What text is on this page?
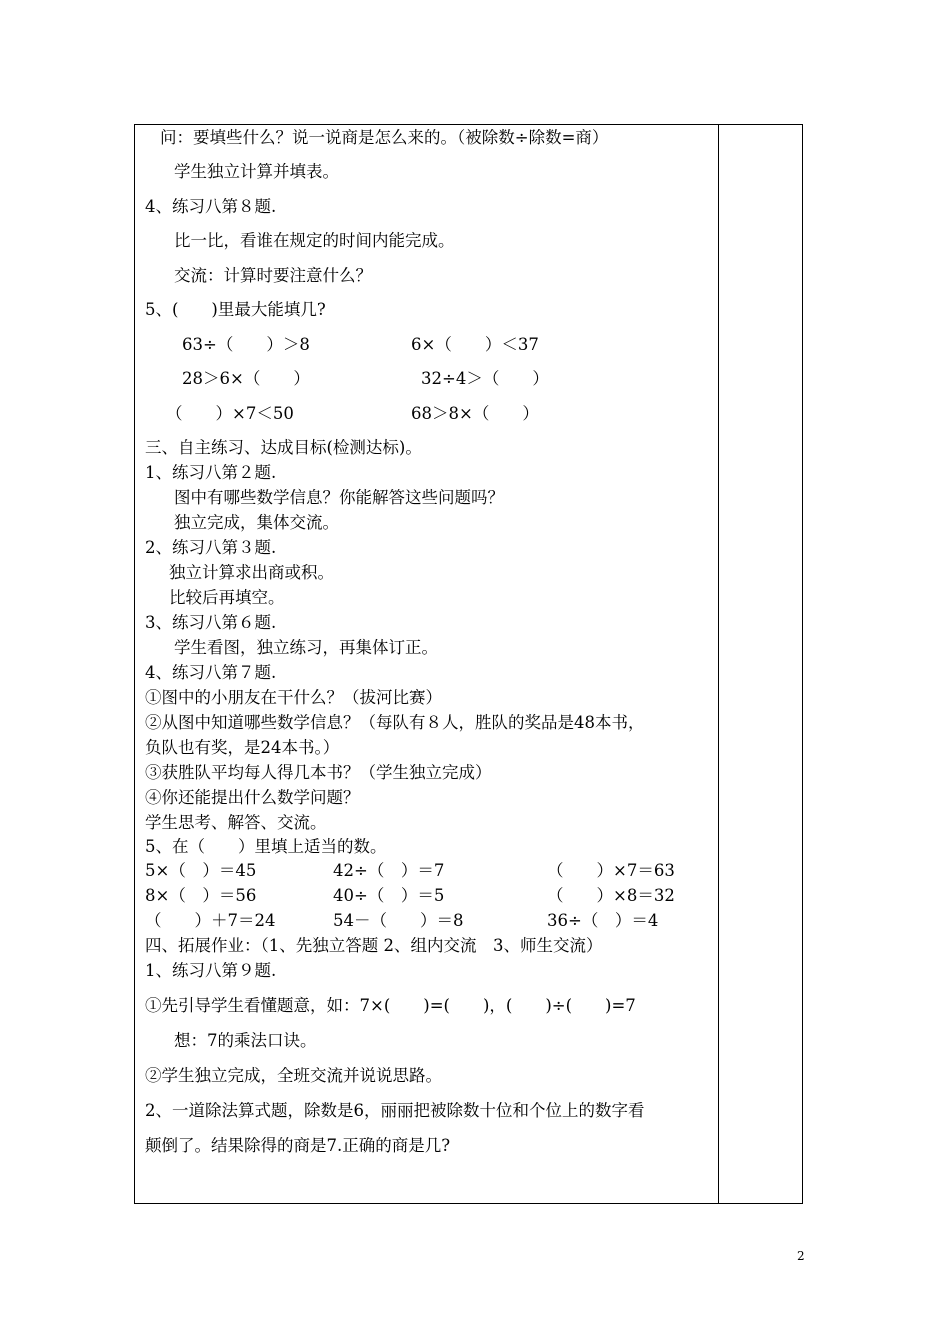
问：要填些什么？说一说商是怎么来的。（被除数÷除数=商）
学生独立计算并填表。
4、练习八第８题.
比一比，看谁在规定的时间内能完成。
交流：计算时要注意什么？
5、(　　)里最大能填几?
63÷（　　）＞8	6×（　　）＜37
28＞6×（　　）	32÷4＞（　　）
（　　）×7＜50	68＞8×（　　）
三、自主练习、达成目标(检测达标)。
1、练习八第２题.
图中有哪些数学信息？你能解答这些问题吗？
独立完成，集体交流。
2、练习八第３题.
独立计算求出商或积。
比较后再填空。
3、练习八第６题.
学生看图，独立练习，再集体订正。
4、练习八第７题.
①图中的小朋友在干什么？（拔河比赛）
②从图中知道哪些数学信息？（每队有８人，胜队的奖品是48本书，
负队也有奖，是24本书。）
③获胜队平均每人得几本书？（学生独立完成）
④你还能提出什么数学问题？
学生思考、解答、交流。
5、在（　　）里填上适当的数。
5×（　）＝45	42÷（　）＝7	（　　）×7＝63
8×（　）＝56	40÷（　）＝5	（　　）×8＝32
（　　）＋7＝24	54－（　　）＝8	36÷（　）＝4
四、拓展作业：（1、先独立答题 2、组内交流　3、师生交流）
1、练习八第９题.
①先引导学生看懂题意，如：7×(　　)=(　　)，(　　)÷(　　)=7
想：7的乘法口诀。
②学生独立完成，全班交流并说说思路。
2、一道除法算式题，除数是6，丽丽把被除数十位和个位上的数字看
颠倒了。结果除得的商是7.正确的商是几?
2
